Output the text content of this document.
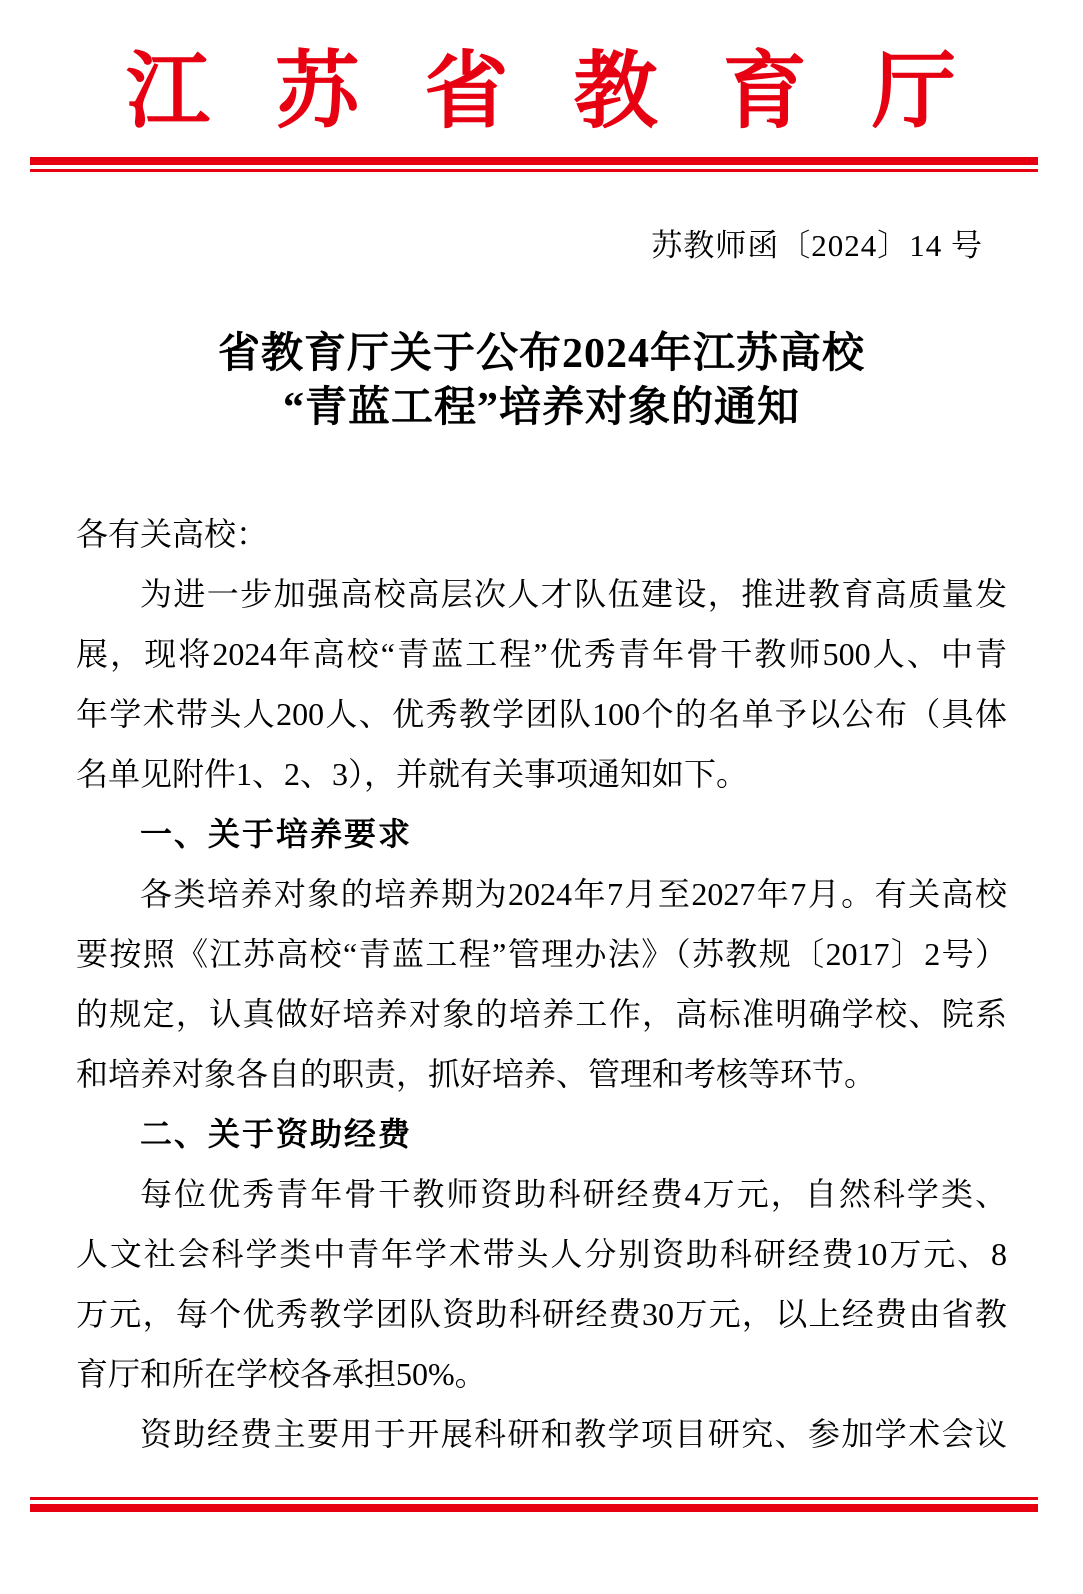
江苏省教育厅
苏教师函〔2024〕14 号
省教育厅关于公布2024年江苏高校
“青蓝工程”培养对象的通知
各有关高校：
为进一步加强高校高层次人才队伍建设，推进教育高质量发
展，现将2024年高校“青蓝工程”优秀青年骨干教师500人、中青
年学术带头人200人、优秀教学团队100个的名单予以公布（具体
名单见附件1、2、3），并就有关事项通知如下。
一、关于培养要求
各类培养对象的培养期为2024年7月至2027年7月。有关高校
要按照《江苏高校“青蓝工程”管理办法》（苏教规〔2017〕2号）
的规定，认真做好培养对象的培养工作，高标准明确学校、院系
和培养对象各自的职责，抓好培养、管理和考核等环节。
二、关于资助经费
每位优秀青年骨干教师资助科研经费4万元，自然科学类、
人文社会科学类中青年学术带头人分别资助科研经费10万元、8
万元，每个优秀教学团队资助科研经费30万元，以上经费由省教
育厅和所在学校各承担50%。
资助经费主要用于开展科研和教学项目研究、参加学术会议
